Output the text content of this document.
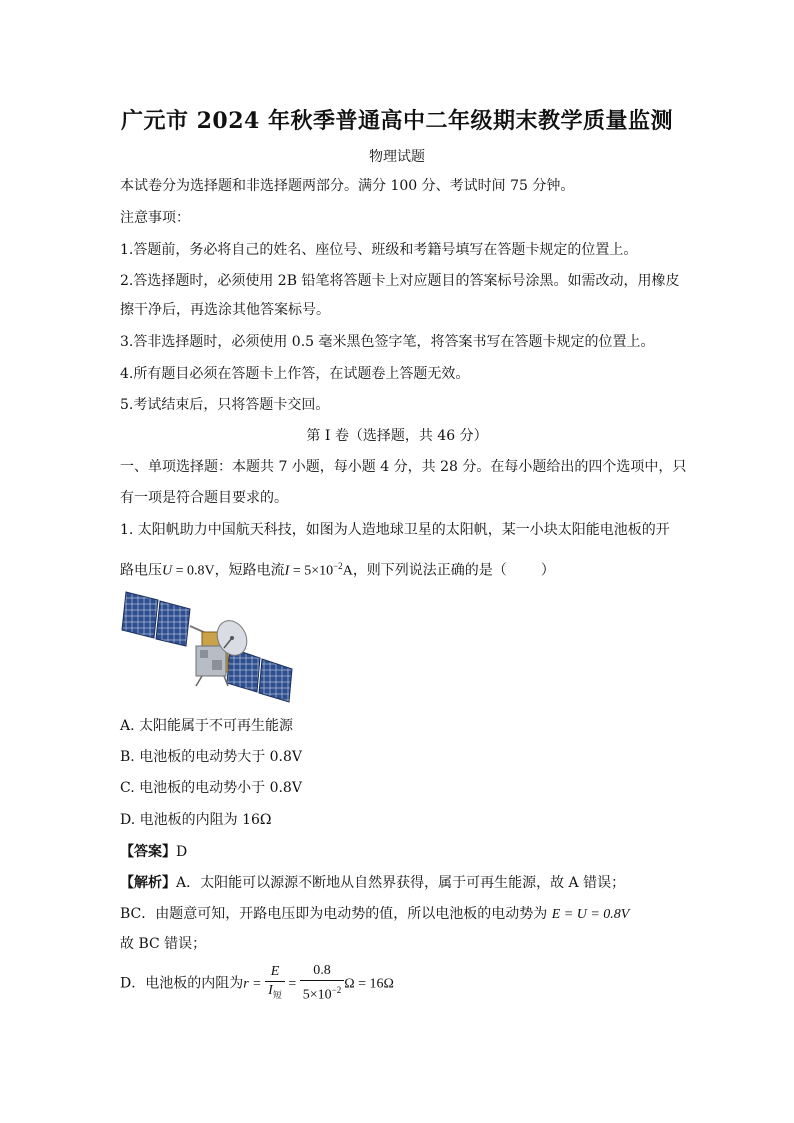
广元市 2024 年秋季普通高中二年级期末教学质量监测
物理试题
本试卷分为选择题和非选择题两部分。满分 100 分、考试时间 75 分钟。
注意事项：
1.答题前，务必将自己的姓名、座位号、班级和考籍号填写在答题卡规定的位置上。
2.答选择题时，必须使用 2B 铅笔将答题卡上对应题目的答案标号涂黑。如需改动，用橡皮
擦干净后，再选涂其他答案标号。
3.答非选择题时，必须使用 0.5 毫米黑色签字笔，将答案书写在答题卡规定的位置上。
4.所有题目必须在答题卡上作答，在试题卷上答题无效。
5.考试结束后，只将答题卡交回。
第 I 卷（选择题，共 46 分）
一、单项选择题：本题共 7 小题，每小题 4 分，共 28 分。在每小题给出的四个选项中，只
有一项是符合题目要求的。
1. 太阳帆助力中国航天科技，如图为人造地球卫星的太阳帆，某一小块太阳能电池板的开
路电压U = 0.8V，短路电流$I = 5\times 10^{-2}A$，则下列说法正确的是（ ）
A. 太阳能属于不可再生能源
B. 电池板的电动势大于 0.8V
C. 电池板的电动势小于 0.8V
D. 电池板的内阻为 16Ω
【答案】D
【解析】A．太阳能可以源源不断地从自然界获得，属于可再生能源，故 A 错误；
BC．由题意可知，开路电压即为电动势的值，所以电池板的电动势为 E = U = 0.8V
故 BC 错误；
D．电池板的内阻为$r = \frac{E}{I_短} = \frac{0.8}{5\times 10^{-2}}$ Ω = 16Ω
